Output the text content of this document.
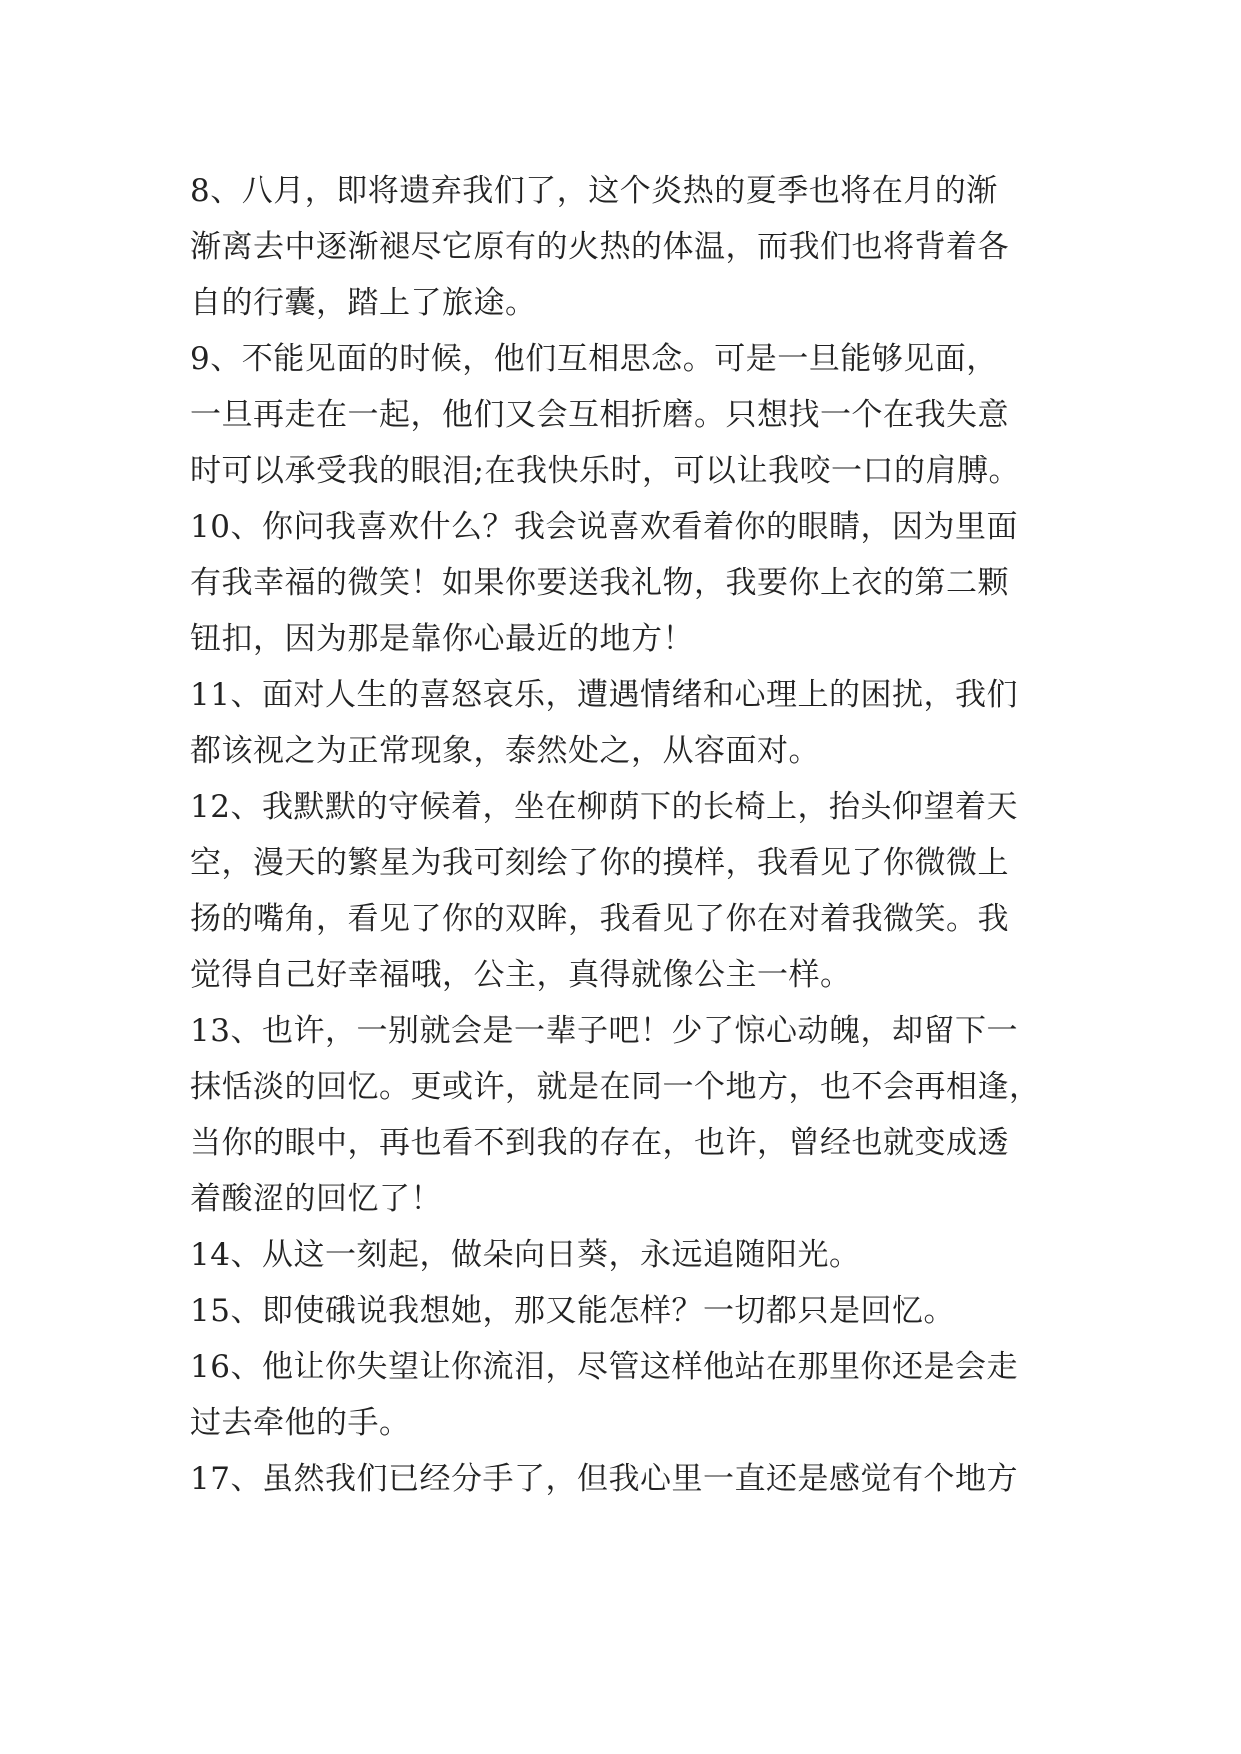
8、八月，即将遗弃我们了，这个炎热的夏季也将在月的渐
渐离去中逐渐褪尽它原有的火热的体温，而我们也将背着各
自的行囊，踏上了旅途。
9、不能见面的时候，他们互相思念。可是一旦能够见面，
一旦再走在一起，他们又会互相折磨。只想找一个在我失意
时可以承受我的眼泪;在我快乐时，可以让我咬一口的肩膊。
10、你问我喜欢什么？我会说喜欢看着你的眼睛，因为里面
有我幸福的微笑！如果你要送我礼物，我要你上衣的第二颗
钮扣，因为那是靠你心最近的地方！
11、面对人生的喜怒哀乐，遭遇情绪和心理上的困扰，我们
都该视之为正常现象，泰然处之，从容面对。
12、我默默的守候着，坐在柳荫下的长椅上，抬头仰望着天
空，漫天的繁星为我可刻绘了你的摸样，我看见了你微微上
扬的嘴角，看见了你的双眸，我看见了你在对着我微笑。我
觉得自己好幸福哦，公主，真得就像公主一样。
13、也许，一别就会是一辈子吧！少了惊心动魄，却留下一
抹恬淡的回忆。更或许，就是在同一个地方，也不会再相逢，
当你的眼中，再也看不到我的存在，也许，曾经也就变成透
着酸涩的回忆了！
14、从这一刻起，做朵向日葵，永远追随阳光。
15、即使硪说我想她，那又能怎样？一切都只是回忆。
16、他让你失望让你流泪，尽管这样他站在那里你还是会走
过去牵他的手。
17、虽然我们已经分手了，但我心里一直还是感觉有个地方
